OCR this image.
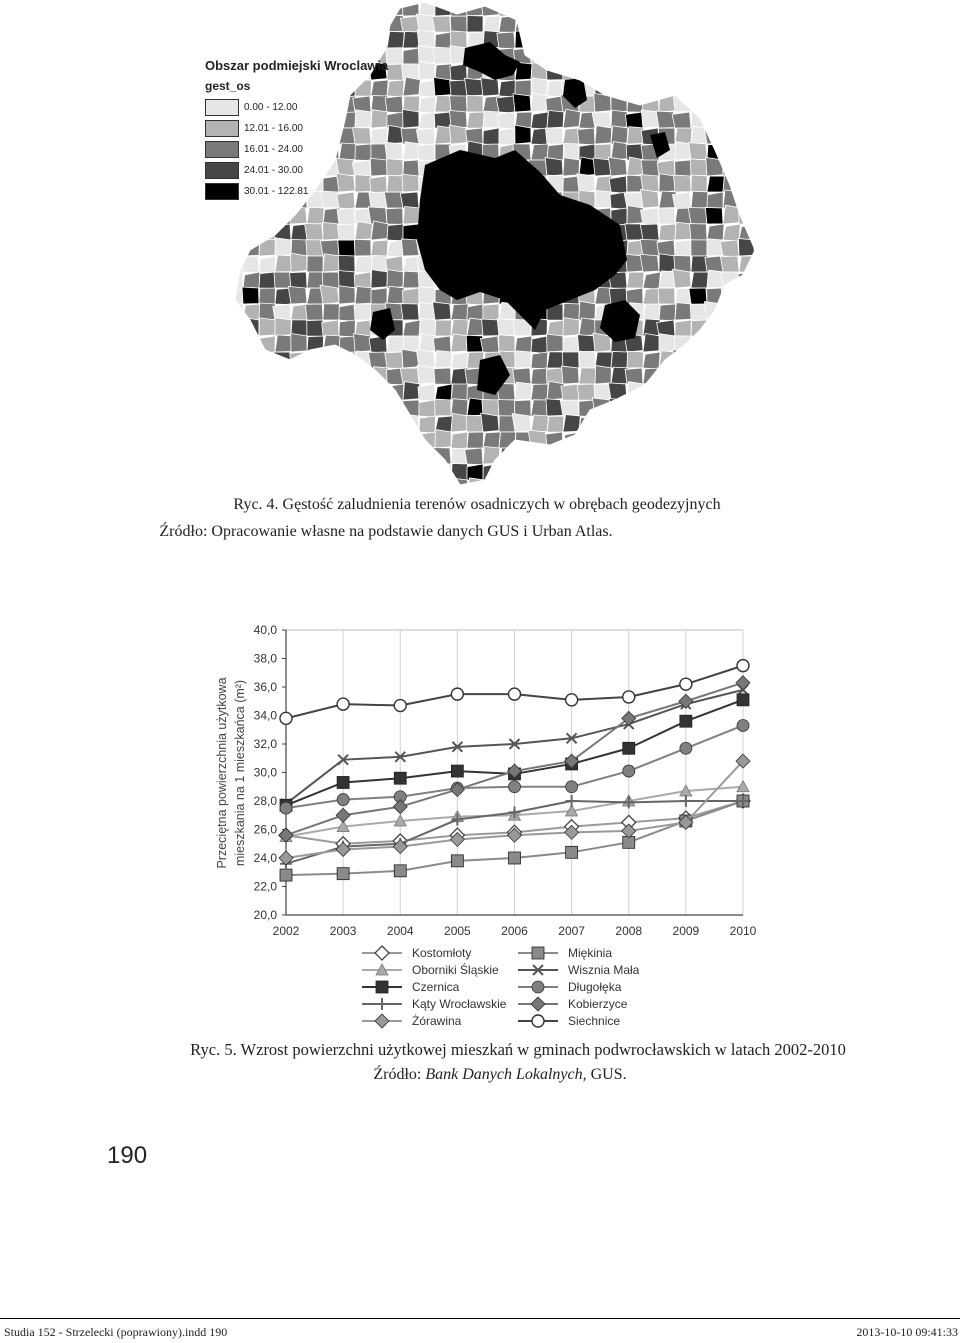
Obszar podmiejski Wroclawia
gest_os
0.00 - 12.00
12.01 - 16.00
16.01 - 24.00
24.01 - 30.00
30.01 - 122.81
Ryc. 4. Gęstość zaludnienia terenów osadniczych w obrębach geodezyjnych
Źródło: Opracowanie własne na podstawie danych GUS i Urban Atlas.
20,0
22,0
24,0
26,0
28,0
30,0
32,0
34,0
36,0
38,0
40,0
2002	2003	2004	2005	2006	2007	2008	2009	2010
Przeciętna powierzchnia użytkowa mieszkania na 1 mieszkańca (m²)
Kostomłoty	Miękinia
Oborniki Śląskie	Wisznia Mała
Czernica	Długołęka
Kąty Wrocławskie	Kobierzyce
Żórawina	Siechnice
Ryc. 5. Wzrost powierzchni użytkowej mieszkań w gminach podwrocławskich w latach 2002-2010
Źródło: Bank Danych Lokalnych, GUS.
190
Studia 152 - Strzelecki (poprawiony).indd 190	2013-10-10 09:41:33
